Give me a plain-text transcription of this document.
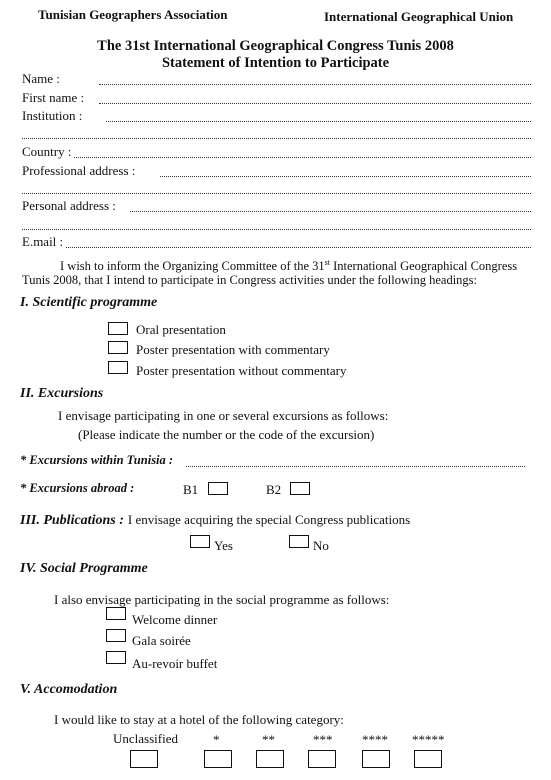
Tunisian Geographers Association	International Geographical Union
The 31st International Geographical Congress Tunis 2008
Statement of Intention to Participate
Name :
First name :
Institution :
Country :
Professional address :
Personal address :
E.mail :
I wish to inform the Organizing Committee of the 31st International Geographical Congress
Tunis 2008, that I intend to participate in Congress activities under the following headings:
I. Scientific programme
Oral presentation
Poster presentation with commentary
Poster presentation without commentary
II. Excursions
I envisage participating in one or several excursions as follows:
(Please indicate the number or the code of the excursion)
* Excursions within Tunisia :
* Excursions abroad :	B1	B2
III. Publications : I envisage acquiring the special Congress publications
Yes	No
IV. Social Programme
I also envisage participating in the social programme as follows:
Welcome dinner
Gala soirée
Au-revoir buffet
V. Accomodation
I would like to stay at a hotel of the following category:
Unclassified	*	**	*** **** *****
